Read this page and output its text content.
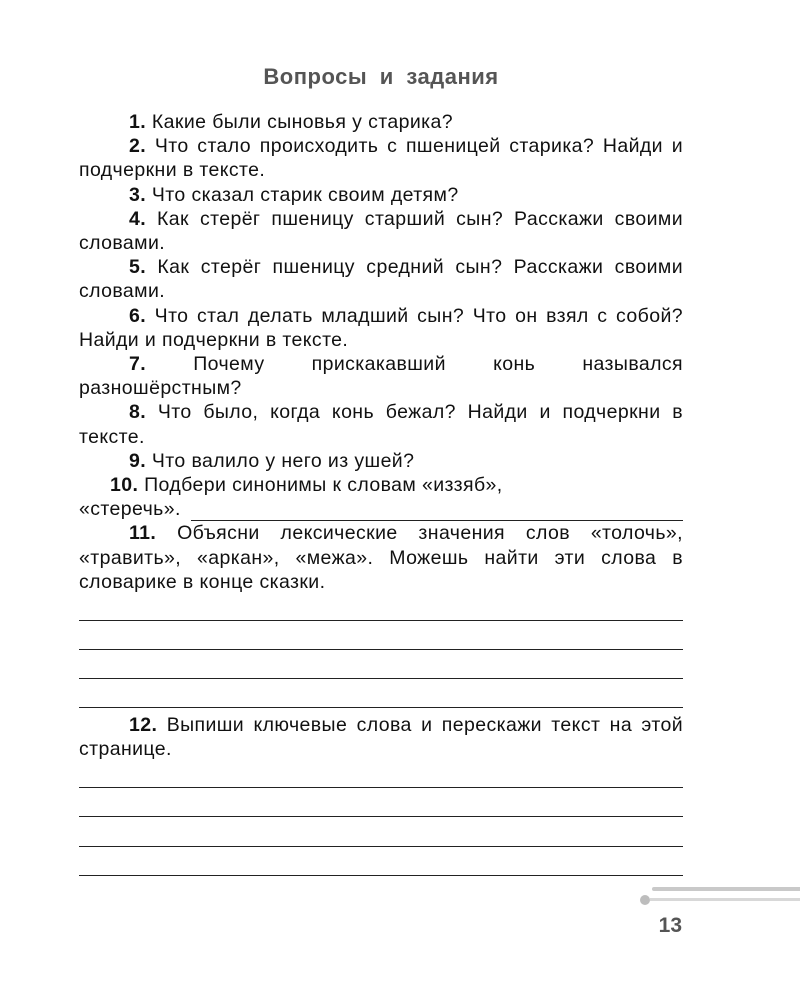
Вопросы и задания

1. Какие были сыновья у старика?

2. Что стало происходить с пшеницей старика? Найди и подчеркни в тексте.

3. Что сказал старик своим детям?

4. Как стерёг пшеницу старший сын? Расскажи своими словами.

5. Как стерёг пшеницу средний сын? Расскажи своими словами.

6. Что стал делать младший сын? Что он взял с собой? Найди и подчеркни в тексте.

7. Почему прискакавший конь назывался разношёрстным?

8. Что было, когда конь бежал? Найди и подчеркни в тексте.

9. Что валило у него из ушей?

10. Подбери синонимы к словам «иззяб»,
«стеречь».

11. Объясни лексические значения слов «толочь», «травить», «аркан», «межа». Можешь найти эти слова в словарике в конце сказки.

12. Выпиши ключевые слова и перескажи текст на этой странице.

13
